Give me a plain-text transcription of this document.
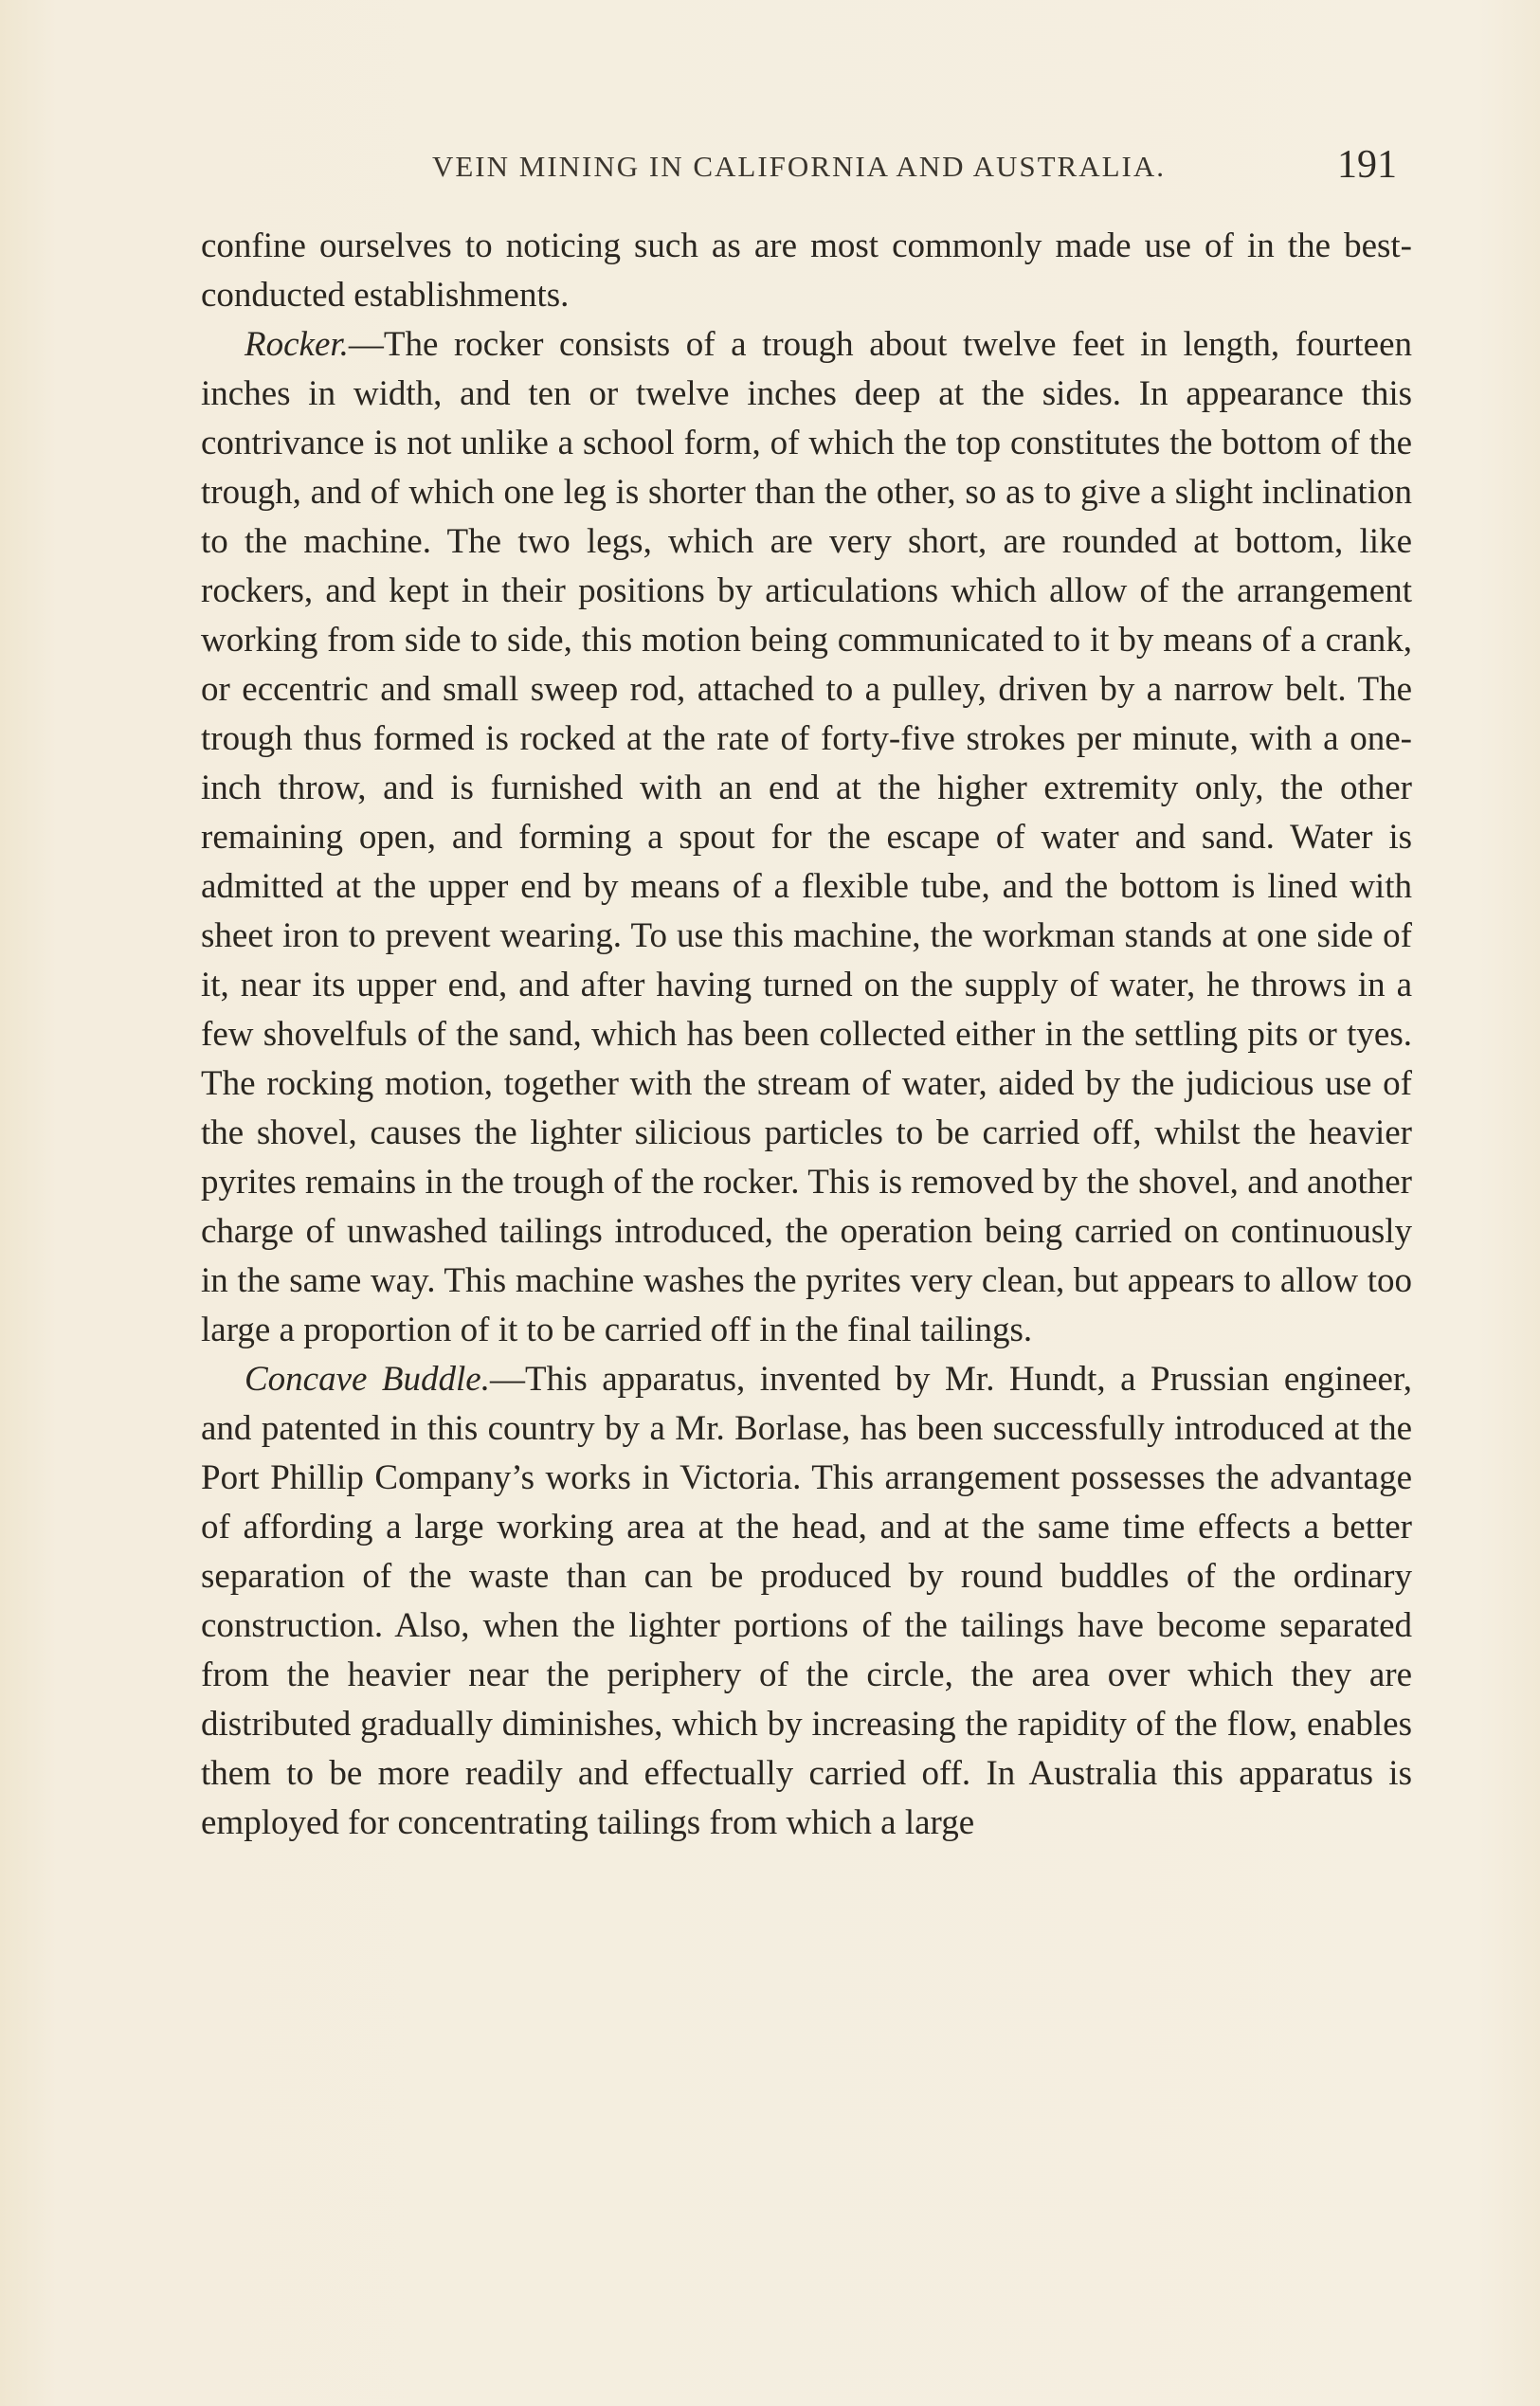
VEIN MINING IN CALIFORNIA AND AUSTRALIA.	191

confine ourselves to noticing such as are most commonly made use of in the best-conducted establishments.

Rocker.—The rocker consists of a trough about twelve feet in length, fourteen inches in width, and ten or twelve inches deep at the sides. In appearance this contrivance is not unlike a school form, of which the top constitutes the bottom of the trough, and of which one leg is shorter than the other, so as to give a slight inclination to the machine. The two legs, which are very short, are rounded at bottom, like rockers, and kept in their positions by articulations which allow of the arrangement working from side to side, this motion being communicated to it by means of a crank, or eccentric and small sweep rod, attached to a pulley, driven by a narrow belt. The trough thus formed is rocked at the rate of forty-five strokes per minute, with a one-inch throw, and is furnished with an end at the higher extremity only, the other remaining open, and forming a spout for the escape of water and sand. Water is admitted at the upper end by means of a flexible tube, and the bottom is lined with sheet iron to prevent wearing. To use this machine, the workman stands at one side of it, near its upper end, and after having turned on the supply of water, he throws in a few shovelfuls of the sand, which has been collected either in the settling pits or tyes. The rocking motion, together with the stream of water, aided by the judicious use of the shovel, causes the lighter silicious particles to be carried off, whilst the heavier pyrites remains in the trough of the rocker. This is removed by the shovel, and another charge of unwashed tailings introduced, the operation being carried on continuously in the same way. This machine washes the pyrites very clean, but appears to allow too large a proportion of it to be carried off in the final tailings.

Concave Buddle.—This apparatus, invented by Mr. Hundt, a Prussian engineer, and patented in this country by a Mr. Borlase, has been successfully introduced at the Port Phillip Company’s works in Victoria. This arrangement possesses the advantage of affording a large working area at the head, and at the same time effects a better separation of the waste than can be produced by round buddles of the ordinary construction. Also, when the lighter portions of the tailings have become separated from the heavier near the periphery of the circle, the area over which they are distributed gradually diminishes, which by increasing the rapidity of the flow, enables them to be more readily and effectually carried off. In Australia this apparatus is employed for concentrating tailings from which a large
